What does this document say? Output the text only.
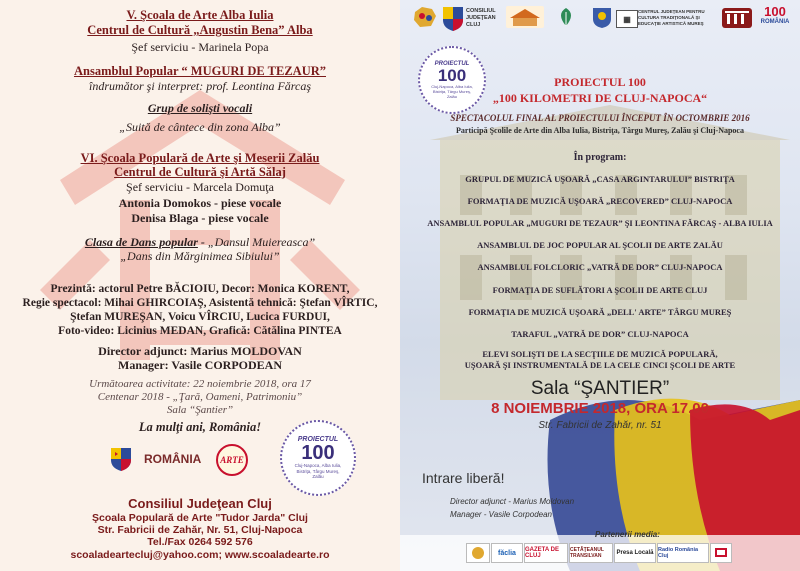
V. Şcoala de Arte Alba Iulia
Centrul de Cultură „Augustin Bena” Alba
Şef serviciu - Marinela Popa
Ansamblul Popular “ MUGURI DE TEZAUR”
îndrumător şi interpret: prof. Leontina Fărcaş
Grup de solişti vocali
„Suită de cântece din zona Alba”
VI. Şcoala Populară de Arte şi Meserii Zalău
Centrul de Cultură şi Artă Sălaj
Şef serviciu - Marcela Domuţa
Antonia Domokos - piese vocale
Denisa Blaga - piese vocale
Clasa de Dans popular - „Dansul Muiereasca”
„Dans din Mărginimea Sibiului”
Prezintă: actorul Petre BĂCIOIU, Decor: Monica KORENT,
Regie spectacol: Mihai GHIRCOIAŞ, Asistentă tehnică: Ştefan VÎRTIC,
Ştefan MUREŞAN, Voicu VÎRCIU, Lucica FURDUI,
Foto-video: Licinius MEDAN, Grafică: Cătălina PINTEA
Director adjunct: Marius MOLDOVAN
Manager: Vasile CORPODEAN
Următoarea activitate: 22 noiembrie 2018, ora 17
Centenar 2018 - „Ţară, Oameni, Patrimoniu”
Sala “Şantier”
La mulţi ani, România!
ROMÂNIA ARTE
PROIECTUL
100
Cluj-Napoca, Alba Iulia, Bistriţa, Târgu Mureş, Zalău
Consiliul Judeţean Cluj
Şcoala Populară de Arte "Tudor Jarda" Cluj
Str. Fabricii de Zahăr, Nr. 51, Cluj-Napoca
Tel./Fax 0264 592 576
scoaladeartecluj@yahoo.com; www.scoaladearte.ro
CONSILIUL JUDEŢEAN CLUJ
▦
CENTRUL JUDEŢEAN PENTRU CULTURA TRADIŢIONALĂ ŞI EDUCAŢIE ARTISTICĂ MUREŞ
100
ROMÂNIA
PROIECTUL
100
Cluj-Napoca, Alba Iulia, Bistriţa, Târgu Mureş, Zalău
PROIECTUL 100
„100 KILOMETRI DE CLUJ-NAPOCA“
SPECTACOLUL FINAL AL PROIECTULUI ÎNCEPUT ÎN OCTOMBRIE 2016
Participă Şcolile de Arte din Alba Iulia, Bistriţa, Târgu Mureş, Zalău şi Cluj-Napoca
În program:
GRUPUL DE MUZICĂ UŞOARĂ „CASA ARGINTARULUI” BISTRIŢA
FORMAŢIA DE MUZICĂ UŞOARĂ „RECOVERED” CLUJ-NAPOCA
ANSAMBLUL POPULAR „MUGURI DE TEZAUR” ŞI LEONTINA FĂRCAŞ - ALBA IULIA
ANSAMBLUL DE JOC POPULAR AL ŞCOLII DE ARTE ZALĂU
ANSAMBLUL FOLCLORIC „VATRĂ DE DOR” CLUJ-NAPOCA
FORMAŢIA DE SUFLĂTORI A ŞCOLII DE ARTE CLUJ
FORMAŢIA DE MUZICĂ UŞOARĂ „DELL' ARTE” TÂRGU MUREŞ
TARAFUL „VATRĂ DE DOR” CLUJ-NAPOCA
ELEVI SOLIŞTI DE LA SECŢIILE DE MUZICĂ POPULARĂ,
UŞOARĂ ŞI INSTRUMENTALĂ DE LA CELE CINCI ŞCOLI DE ARTE
Sala “ŞANTIER”
8 NOIEMBRIE 2018, ORA 17.00
Str. Fabricii de Zahăr, nr. 51
Intrare liberă!
Director adjunct - Marius Moldovan
Manager - Vasile Corpodean
Partenerii media:
făclia	GAZETA DE CLUJ
CETĂŢEANUL TRANSILVAN	Presa Locală Radio România Cluj
